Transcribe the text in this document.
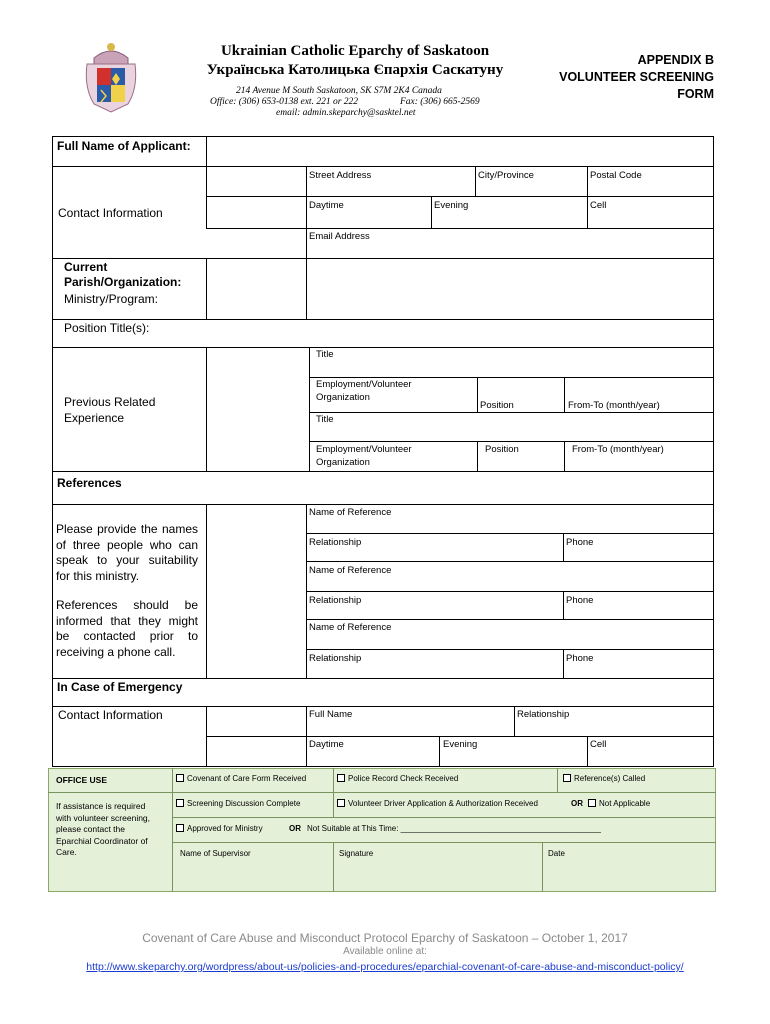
Ukrainian Catholic Eparchy of Saskatoon
Українська Католицька Єпархія Саскатуну
214 Avenue M South Saskatoon, SK S7M 2K4 Canada
Office: (306) 653-0138 ext. 221 or 222	Fax: (306) 665-2569
email: admin.skeparchy@sasktel.net
APPENDIX B
VOLUNTEER SCREENING
FORM
Full Name of Applicant:
Contact Information
Street Address	City/Province	Postal Code
Daytime	Evening	Cell
Email Address
Current
Parish/Organization:
Ministry/Program:
Position Title(s):
Previous Related
Experience
Title
Employment/Volunteer
Organization
Position	From-To (month/year)
Title
Employment/Volunteer
Organization
Position	From-To (month/year)
References
Please provide the names of three people who can speak to your suitability for this ministry.
References should be informed that they might be contacted prior to receiving a phone call.
Name of Reference
Relationship	Phone
Name of Reference
Relationship	Phone
Name of Reference
Relationship	Phone
In Case of Emergency
Contact Information	Full Name	Relationship
Daytime	Evening	Cell
OFFICE USE
If assistance is required with volunteer screening, please contact the Eparchial Coordinator of Care.
Covenant of Care Form Received	Police Record Check Received	Reference(s) Called
Screening Discussion Complete	Volunteer Driver Application & Authorization Received	OR	Not Applicable
Approved for Ministry	OR Not Suitable at This Time: _____________________________________________
Name of Supervisor	Signature	Date
Covenant of Care Abuse and Misconduct Protocol Eparchy of Saskatoon – October 1, 2017
Available online at:
http://www.skeparchy.org/wordpress/about-us/policies-and-procedures/eparchial-covenant-of-care-abuse-and-misconduct-policy/
